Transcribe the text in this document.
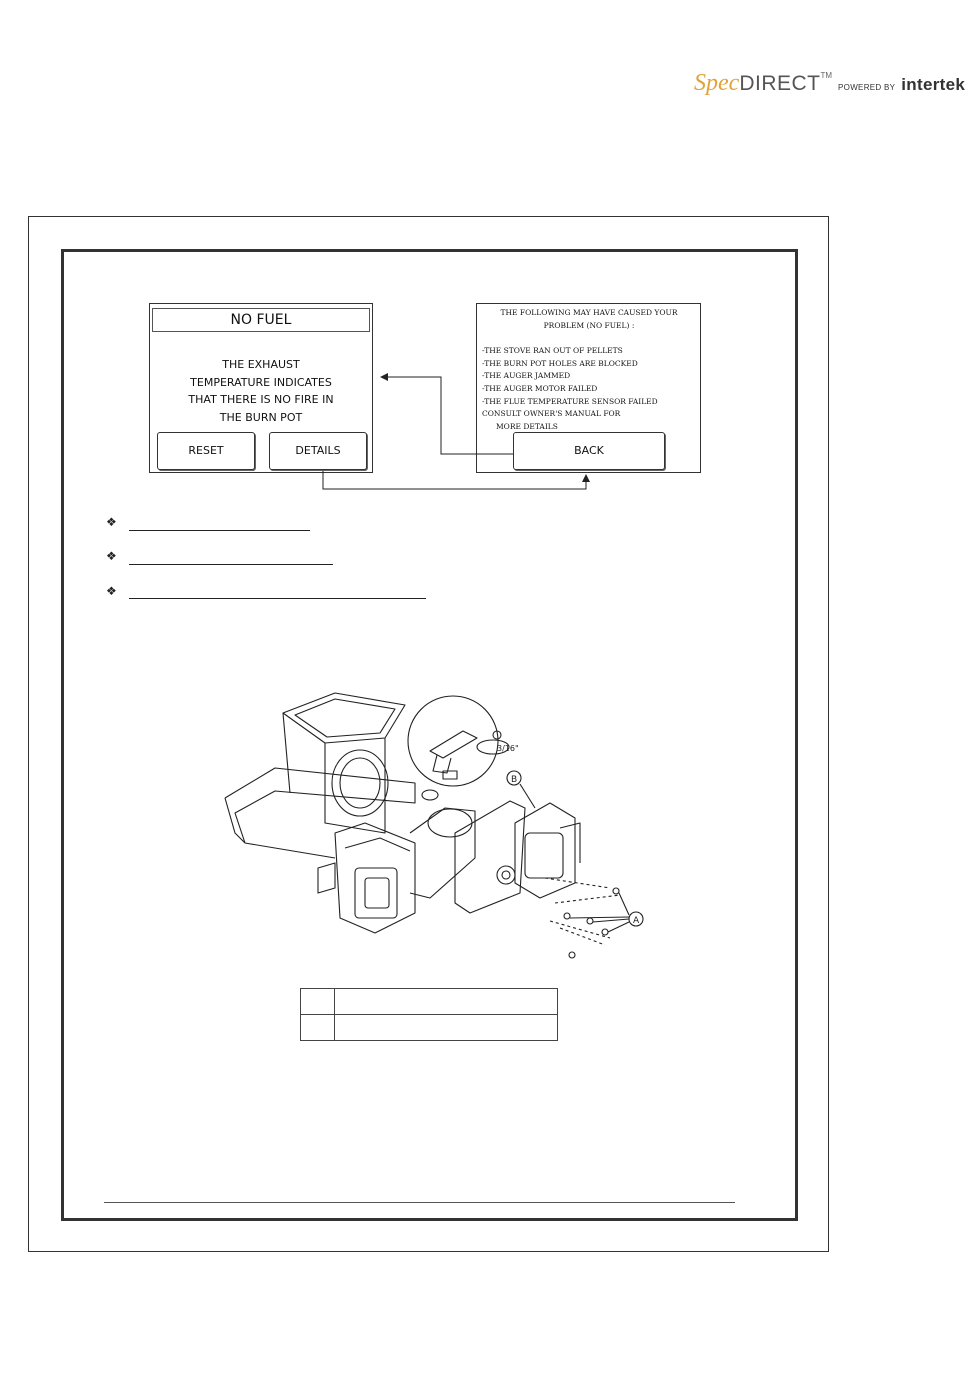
Spec DIRECT TM
POWERED BY intertek
NO FUEL
THE EXHAUST
TEMPERATURE INDICATES
THAT THERE IS NO FIRE IN
THE BURN POT
RESET	DETAILS
THE FOLLOWING MAY HAVE CAUSED YOUR
PROBLEM (NO FUEL) :
-THE STOVE RAN OUT OF PELLETS
-THE BURN POT HOLES ARE BLOCKED
-THE AUGER JAMMED
-THE AUGER MOTOR FAILED
-THE FLUE TEMPERATURE SENSOR FAILED
CONSULT OWNER'S MANUAL FOR
MORE DETAILS
BACK
❖
❖
❖
3/16"
B
A
